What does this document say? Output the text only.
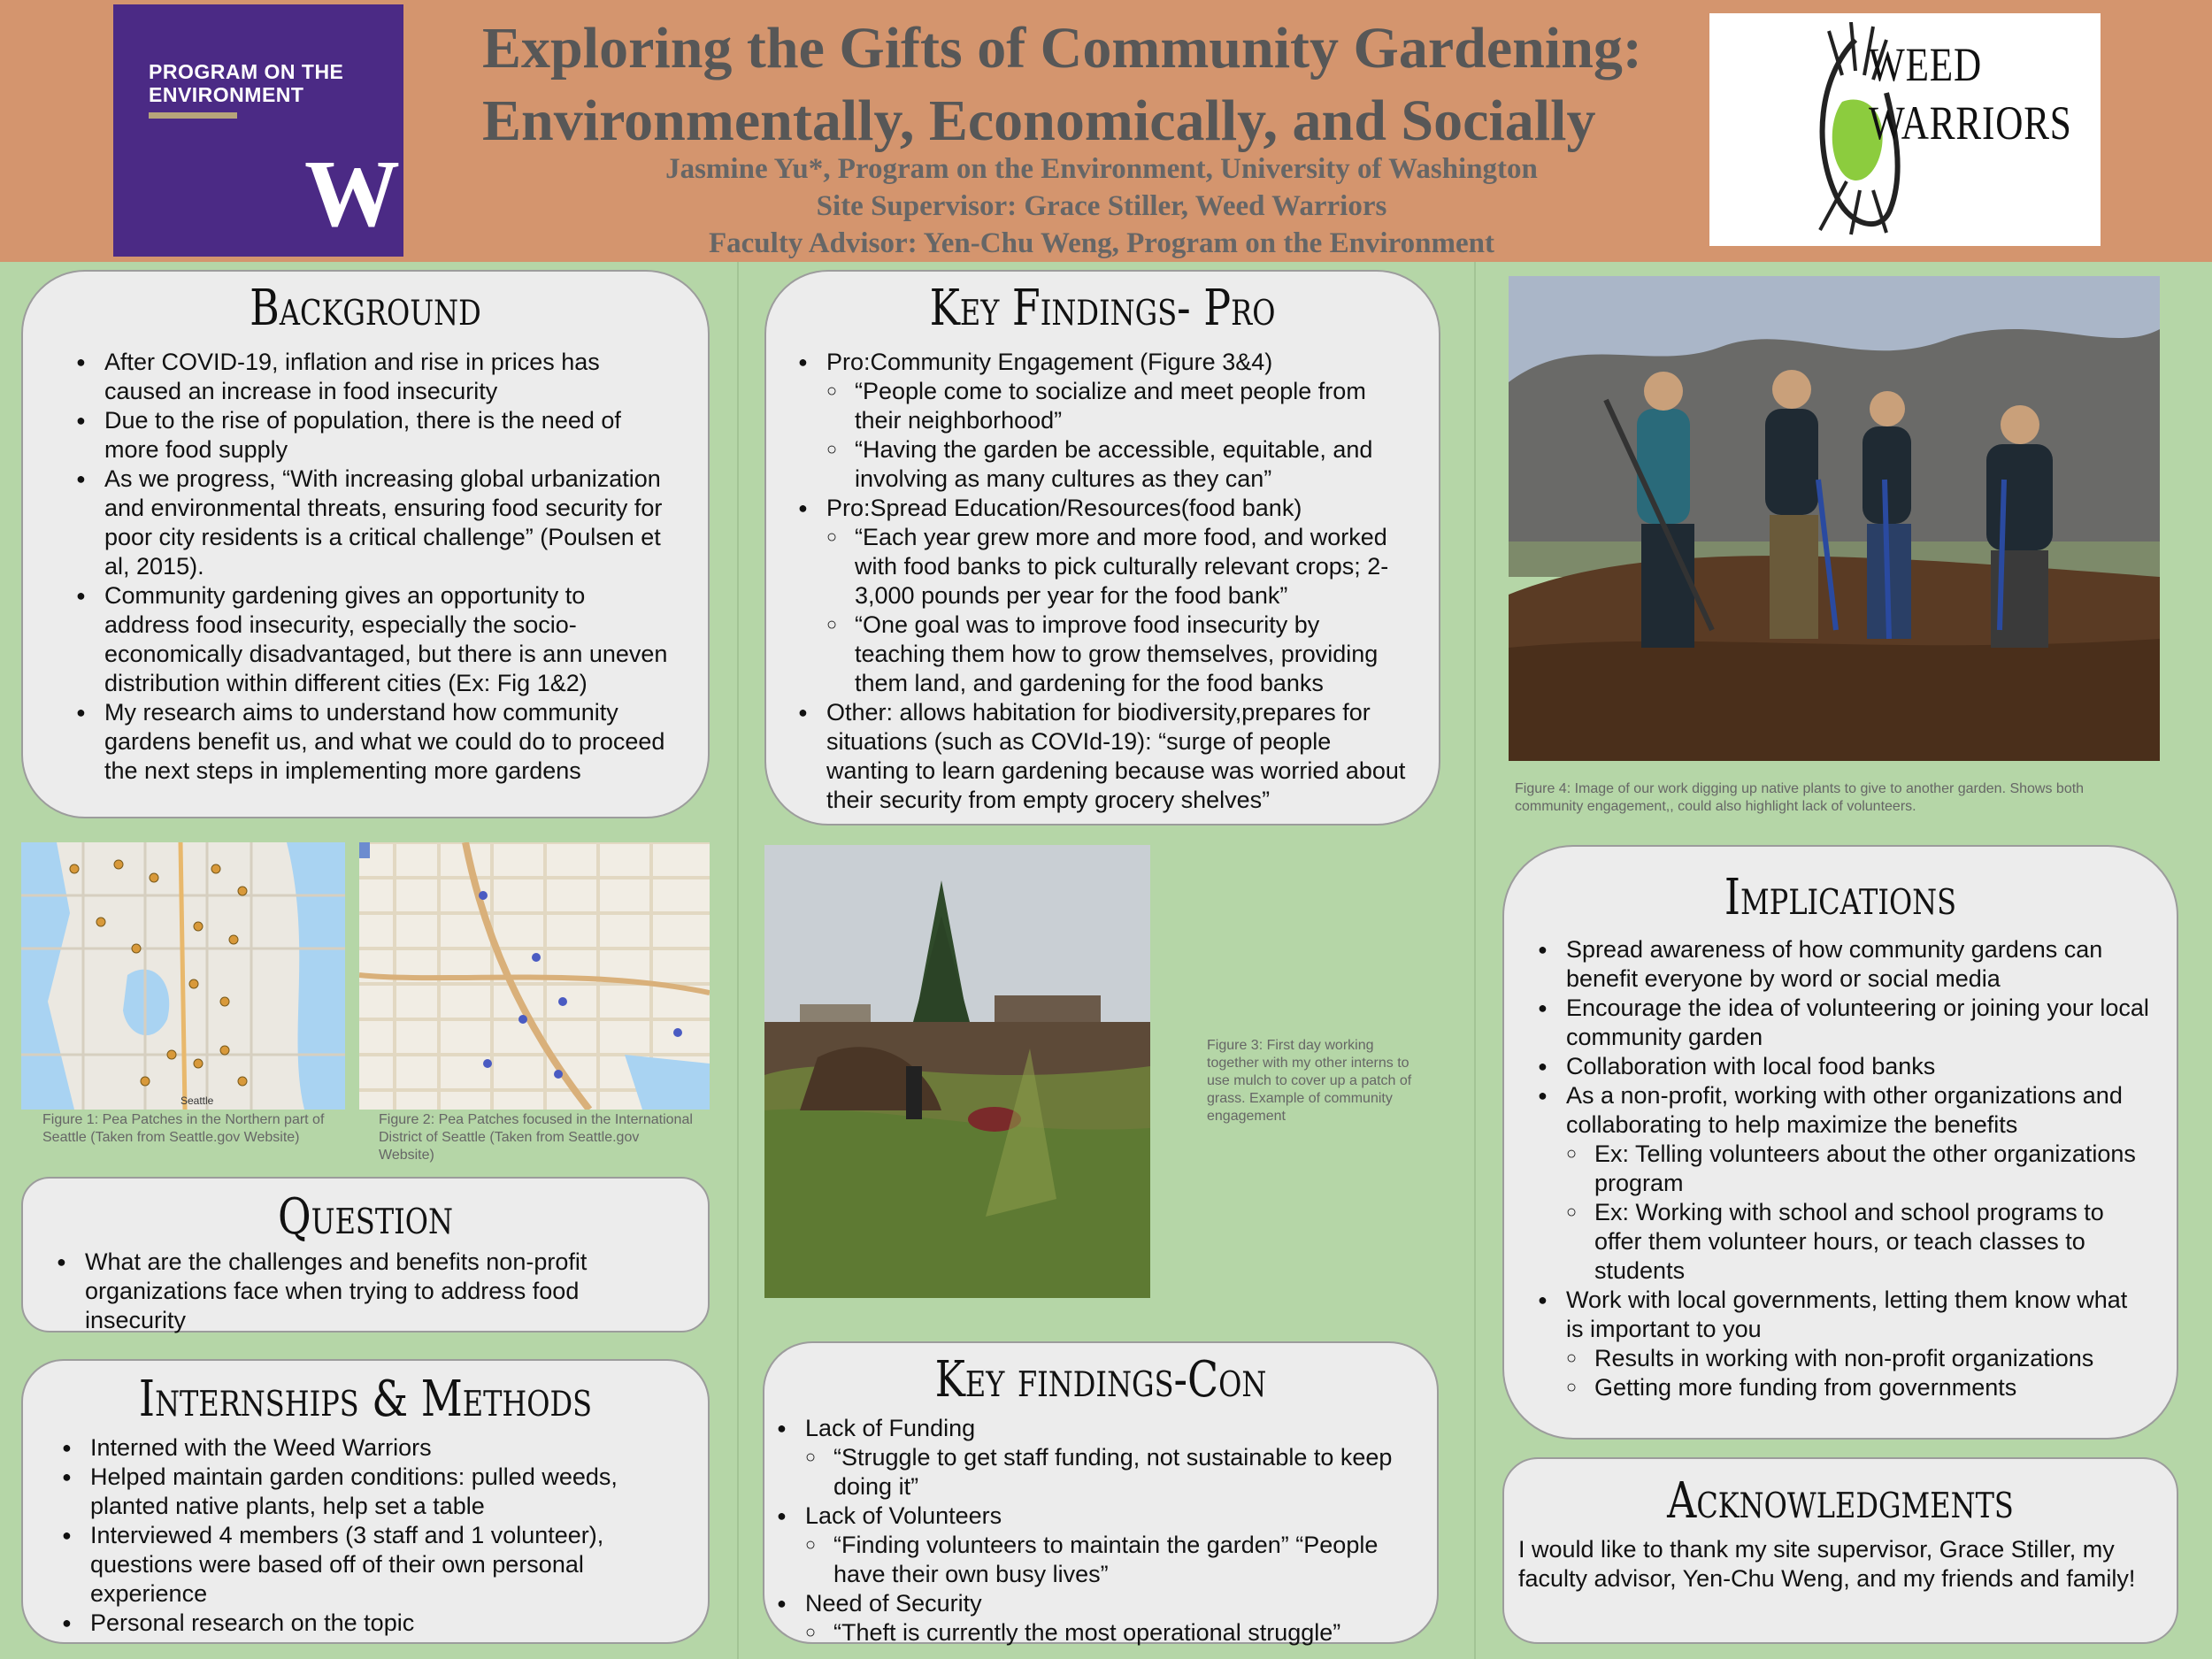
PROGRAM ON THE
ENVIRONMENT
W
Exploring the Gifts of Community Gardening:
Environmentally, Economically, and Socially
Jasmine Yu*, Program on the Environment, University of Washington
Site Supervisor: Grace Stiller, Weed Warriors
Faculty Advisor: Yen-Chu Weng, Program on the Environment
WEED
WARRIORS
Background
● After COVID-19, inflation and rise in prices has caused an increase in food insecurity
● Due to the rise of population, there is the need of more food supply
● As we progress, “With increasing global urbanization and environmental threats, ensuring food security for poor city residents is a critical challenge” (Poulsen et al, 2015).
● Community gardening gives an opportunity to address food insecurity, especially the socio-economically disadvantaged, but there is ann uneven distribution within different cities (Ex: Fig 1&2)
● My research aims to understand how community gardens benefit us, and what we could do to proceed the next steps in implementing more gardens
Seattle
Figure 1: Pea Patches in the Northern part of Seattle (Taken from Seattle.gov Website)
Figure 2: Pea Patches focused in the International District of Seattle (Taken from Seattle.gov Website)
Question
● What are the challenges and benefits non-profit organizations face when trying to address food insecurity
Internships & Methods
● Interned with the Weed Warriors
● Helped maintain garden conditions: pulled weeds, planted native plants, help set a table
● Interviewed 4 members (3 staff and 1 volunteer), questions were based off of their own personal experience
● Personal research on the topic
Key Findings- Pro
● Pro:Community Engagement (Figure 3&4)
○ “People come to socialize and meet people from their neighborhood”
○ “Having the garden be accessible, equitable, and involving as many cultures as they can”
● Pro:Spread Education/Resources(food bank)
○ “Each year grew more and more food, and worked with food banks to pick culturally relevant crops; 2-3,000 pounds per year for the food bank”
○ “One goal was to improve food insecurity by teaching them how to grow themselves, providing them land, and gardening for the food banks
● Other: allows habitation for biodiversity,prepares for situations (such as COVId-19): “surge of people wanting to learn gardening because was worried about their security from empty grocery shelves”
Figure 3: First day working together with my other interns to use mulch to cover up a patch of grass. Example of community engagement
Key findings-Con
● Lack of Funding
○ “Struggle to get staff funding, not sustainable to keep doing it”
● Lack of Volunteers
○ “Finding volunteers to maintain the garden” “People have their own busy lives”
● Need of Security
○ “Theft is currently the most operational struggle”
Figure 4: Image of our work digging up native plants to give to another garden. Shows both community engagement,, could also highlight lack of volunteers.
Implications
● Spread awareness of how community gardens can benefit everyone by word or social media
● Encourage the idea of volunteering or joining your local community garden
● Collaboration with local food banks
● As a non-profit, working with other organizations and collaborating to help maximize the benefits
○ Ex: Telling volunteers about the other organizations program
○ Ex: Working with school and school programs to offer them volunteer hours, or teach classes to students
● Work with local governments, letting them know what is important to you
○ Results in working with non-profit organizations
○ Getting more funding from governments
Acknowledgments
I would like to thank my site supervisor, Grace Stiller, my faculty advisor, Yen-Chu Weng, and my friends and family!
